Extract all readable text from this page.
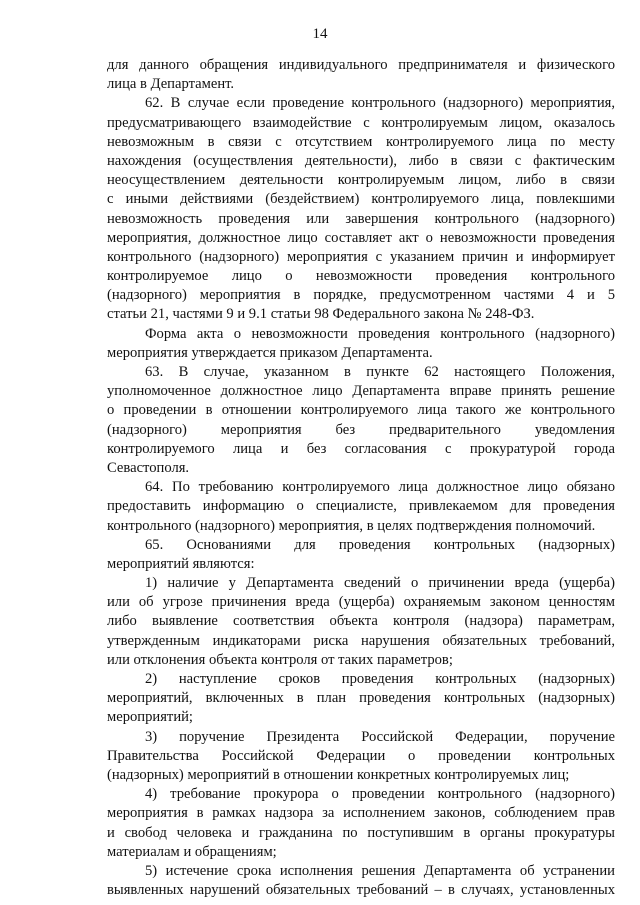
14
для данного обращения индивидуального предпринимателя и физического
лица в Департамент.
62. В случае если проведение контрольного (надзорного) мероприятия,
предусматривающего взаимодействие с контролируемым лицом, оказалось
невозможным в связи с отсутствием контролируемого лица по месту
нахождения (осуществления деятельности), либо в связи с фактическим
неосуществлением деятельности контролируемым лицом, либо в связи
с иными действиями (бездействием) контролируемого лица, повлекшими
невозможность проведения или завершения контрольного (надзорного)
мероприятия, должностное лицо составляет акт о невозможности проведения
контрольного (надзорного) мероприятия с указанием причин и информирует
контролируемое лицо о невозможности проведения контрольного
(надзорного) мероприятия в порядке, предусмотренном частями 4 и 5
статьи 21, частями 9 и 9.1 статьи 98 Федерального закона № 248-ФЗ.
Форма акта о невозможности проведения контрольного (надзорного)
мероприятия утверждается приказом Департамента.
63. В случае, указанном в пункте 62 настоящего Положения,
уполномоченное должностное лицо Департамента вправе принять решение
о проведении в отношении контролируемого лица такого же контрольного
(надзорного) мероприятия без предварительного уведомления
контролируемого лица и без согласования с прокуратурой города
Севастополя.
64. По требованию контролируемого лица должностное лицо обязано
предоставить информацию о специалисте, привлекаемом для проведения
контрольного (надзорного) мероприятия, в целях подтверждения полномочий.
65. Основаниями для проведения контрольных (надзорных)
мероприятий являются:
1) наличие у Департамента сведений о причинении вреда (ущерба)
или об угрозе причинения вреда (ущерба) охраняемым законом ценностям
либо выявление соответствия объекта контроля (надзора) параметрам,
утвержденным индикаторами риска нарушения обязательных требований,
или отклонения объекта контроля от таких параметров;
2) наступление сроков проведения контрольных (надзорных)
мероприятий, включенных в план проведения контрольных (надзорных)
мероприятий;
3) поручение Президента Российской Федерации, поручение
Правительства Российской Федерации о проведении контрольных
(надзорных) мероприятий в отношении конкретных контролируемых лиц;
4) требование прокурора о проведении контрольного (надзорного)
мероприятия в рамках надзора за исполнением законов, соблюдением прав
и свобод человека и гражданина по поступившим в органы прокуратуры
материалам и обращениям;
5) истечение срока исполнения решения Департамента об устранении
выявленных нарушений обязательных требований – в случаях, установленных
